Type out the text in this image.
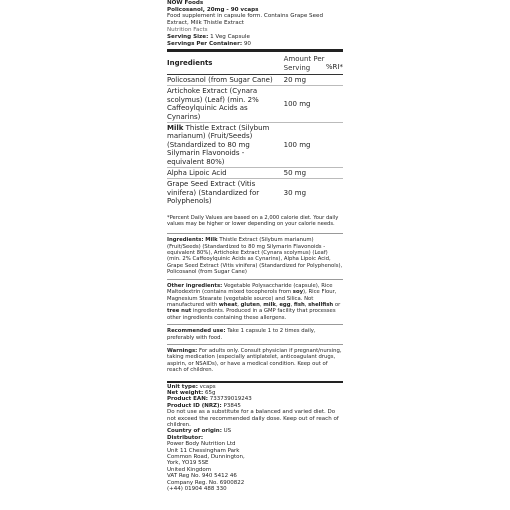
NOW Foods
Policosanol, 20mg - 90 vcaps
Food supplement in capsule form. Contains Grape Seed Extract, Milk Thistle Extract
Nutrition Facts
Serving Size: 1 Veg Capsule
Servings Per Container: 90
Ingredients	Amount Per Serving	%RI*
Policosanol (from Sugar Cane)	20 mg	
Artichoke Extract (Cynara scolymus) (Leaf) (min. 2% Caffeoylquinic Acids as Cynarins)	100 mg	
Milk Thistle Extract (Silybum marianum) (Fruit/Seeds) (Standardized to 80 mg Silymarin Flavonoids - equivalent 80%)	100 mg	
Alpha Lipoic Acid	50 mg	
Grape Seed Extract (Vitis vinifera) (Standardized for Polyphenols)	30 mg	
*Percent Daily Values are based on a 2,000 calorie diet. Your daily values may be higher or lower depending on your calorie needs.
Ingredients: Milk Thistle Extract (Silybum marianum) (Fruit/Seeds) (Standardized to 80 mg Silymarin Flavonoids - equivalent 80%), Artichoke Extract (Cynara scolymus) (Leaf) (min. 2% Caffeoylquinic Acids as Cynarins), Alpha Lipoic Acid, Grape Seed Extract (Vitis vinifera) (Standardized for Polyphenols), Policosanol (from Sugar Cane)
Other ingredients: Vegetable Polysaccharide (capsule), Rice Maltodextrin (contains mixed tocopherols from soy), Rice Flour, Magnesium Stearate (vegetable source) and Silica. Not manufactured with wheat, gluten, milk, egg, fish, shellfish or tree nut ingredients. Produced in a GMP facility that processes other ingredients containing these allergens.
Recommended use: Take 1 capsule 1 to 2 times daily, preferably with food.
Warnings: For adults only. Consult physician if pregnant/nursing, taking medication (especially antiplatelet, anticoagulant drugs, aspirin, or NSAIDs), or have a medical condition. Keep out of reach of children.
Unit type: vcaps
Net weight: 65g
Product EAN: 733739019243
Product ID (NRZ): P3845
Do not use as a substitute for a balanced and varied diet. Do not exceed the recommended daily dose. Keep out of reach of children.
Country of origin: US
Distributor:
Power Body Nutrition Ltd
Unit 11 Chessingham Park
Common Road, Dunnington,
York, YO19 5SE
United Kingdom
VAT Reg No. 940 5412 46
Company Reg. No. 6900822
(+44) 01904 488 330
